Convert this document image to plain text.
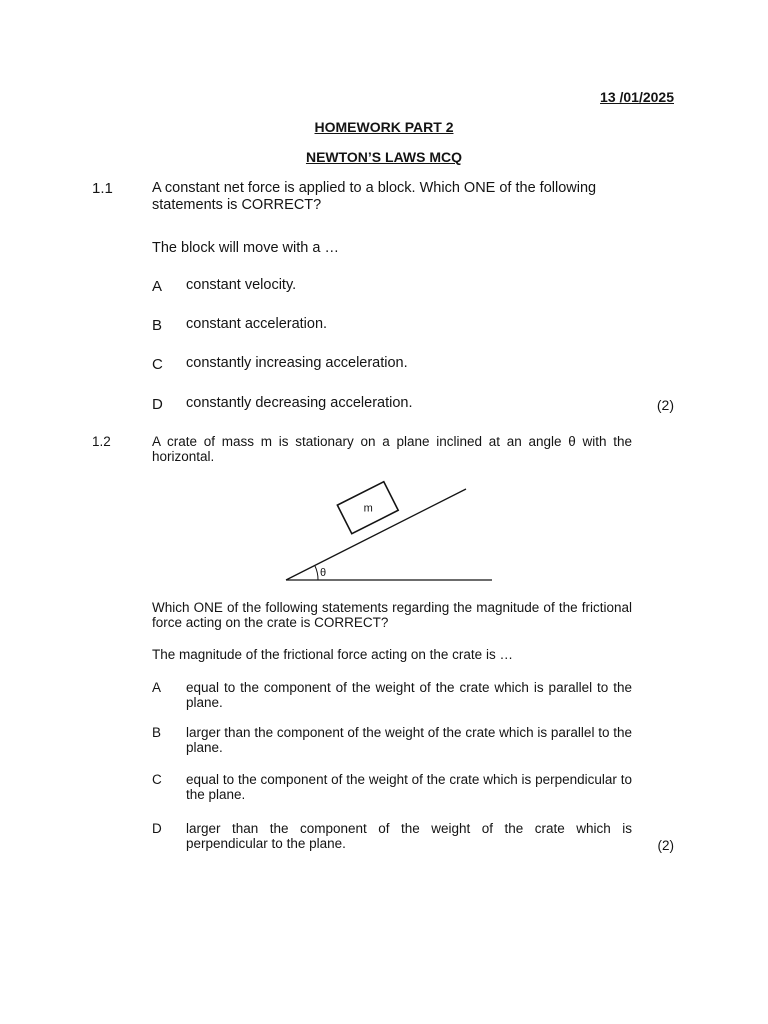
13 /01/2025
HOMEWORK PART 2
NEWTON’S LAWS MCQ
1.1	A constant net force is applied to a block. Which ONE of the following statements is CORRECT?
The block will move with a …
A constant velocity.
B constant acceleration.
C constantly increasing acceleration.
D constantly decreasing acceleration.	(2)
1.2	A crate of mass m is stationary on a plane inclined at an angle θ with the horizontal.
m
θ
Which ONE of the following statements regarding the magnitude of the frictional force acting on the crate is CORRECT?
The magnitude of the frictional force acting on the crate is …
A equal to the component of the weight of the crate which is parallel to the plane.
B larger than the component of the weight of the crate which is parallel to the plane.
C equal to the component of the weight of the crate which is perpendicular to the plane.
D larger than the component of the weight of the crate which is perpendicular to the plane.	(2)
